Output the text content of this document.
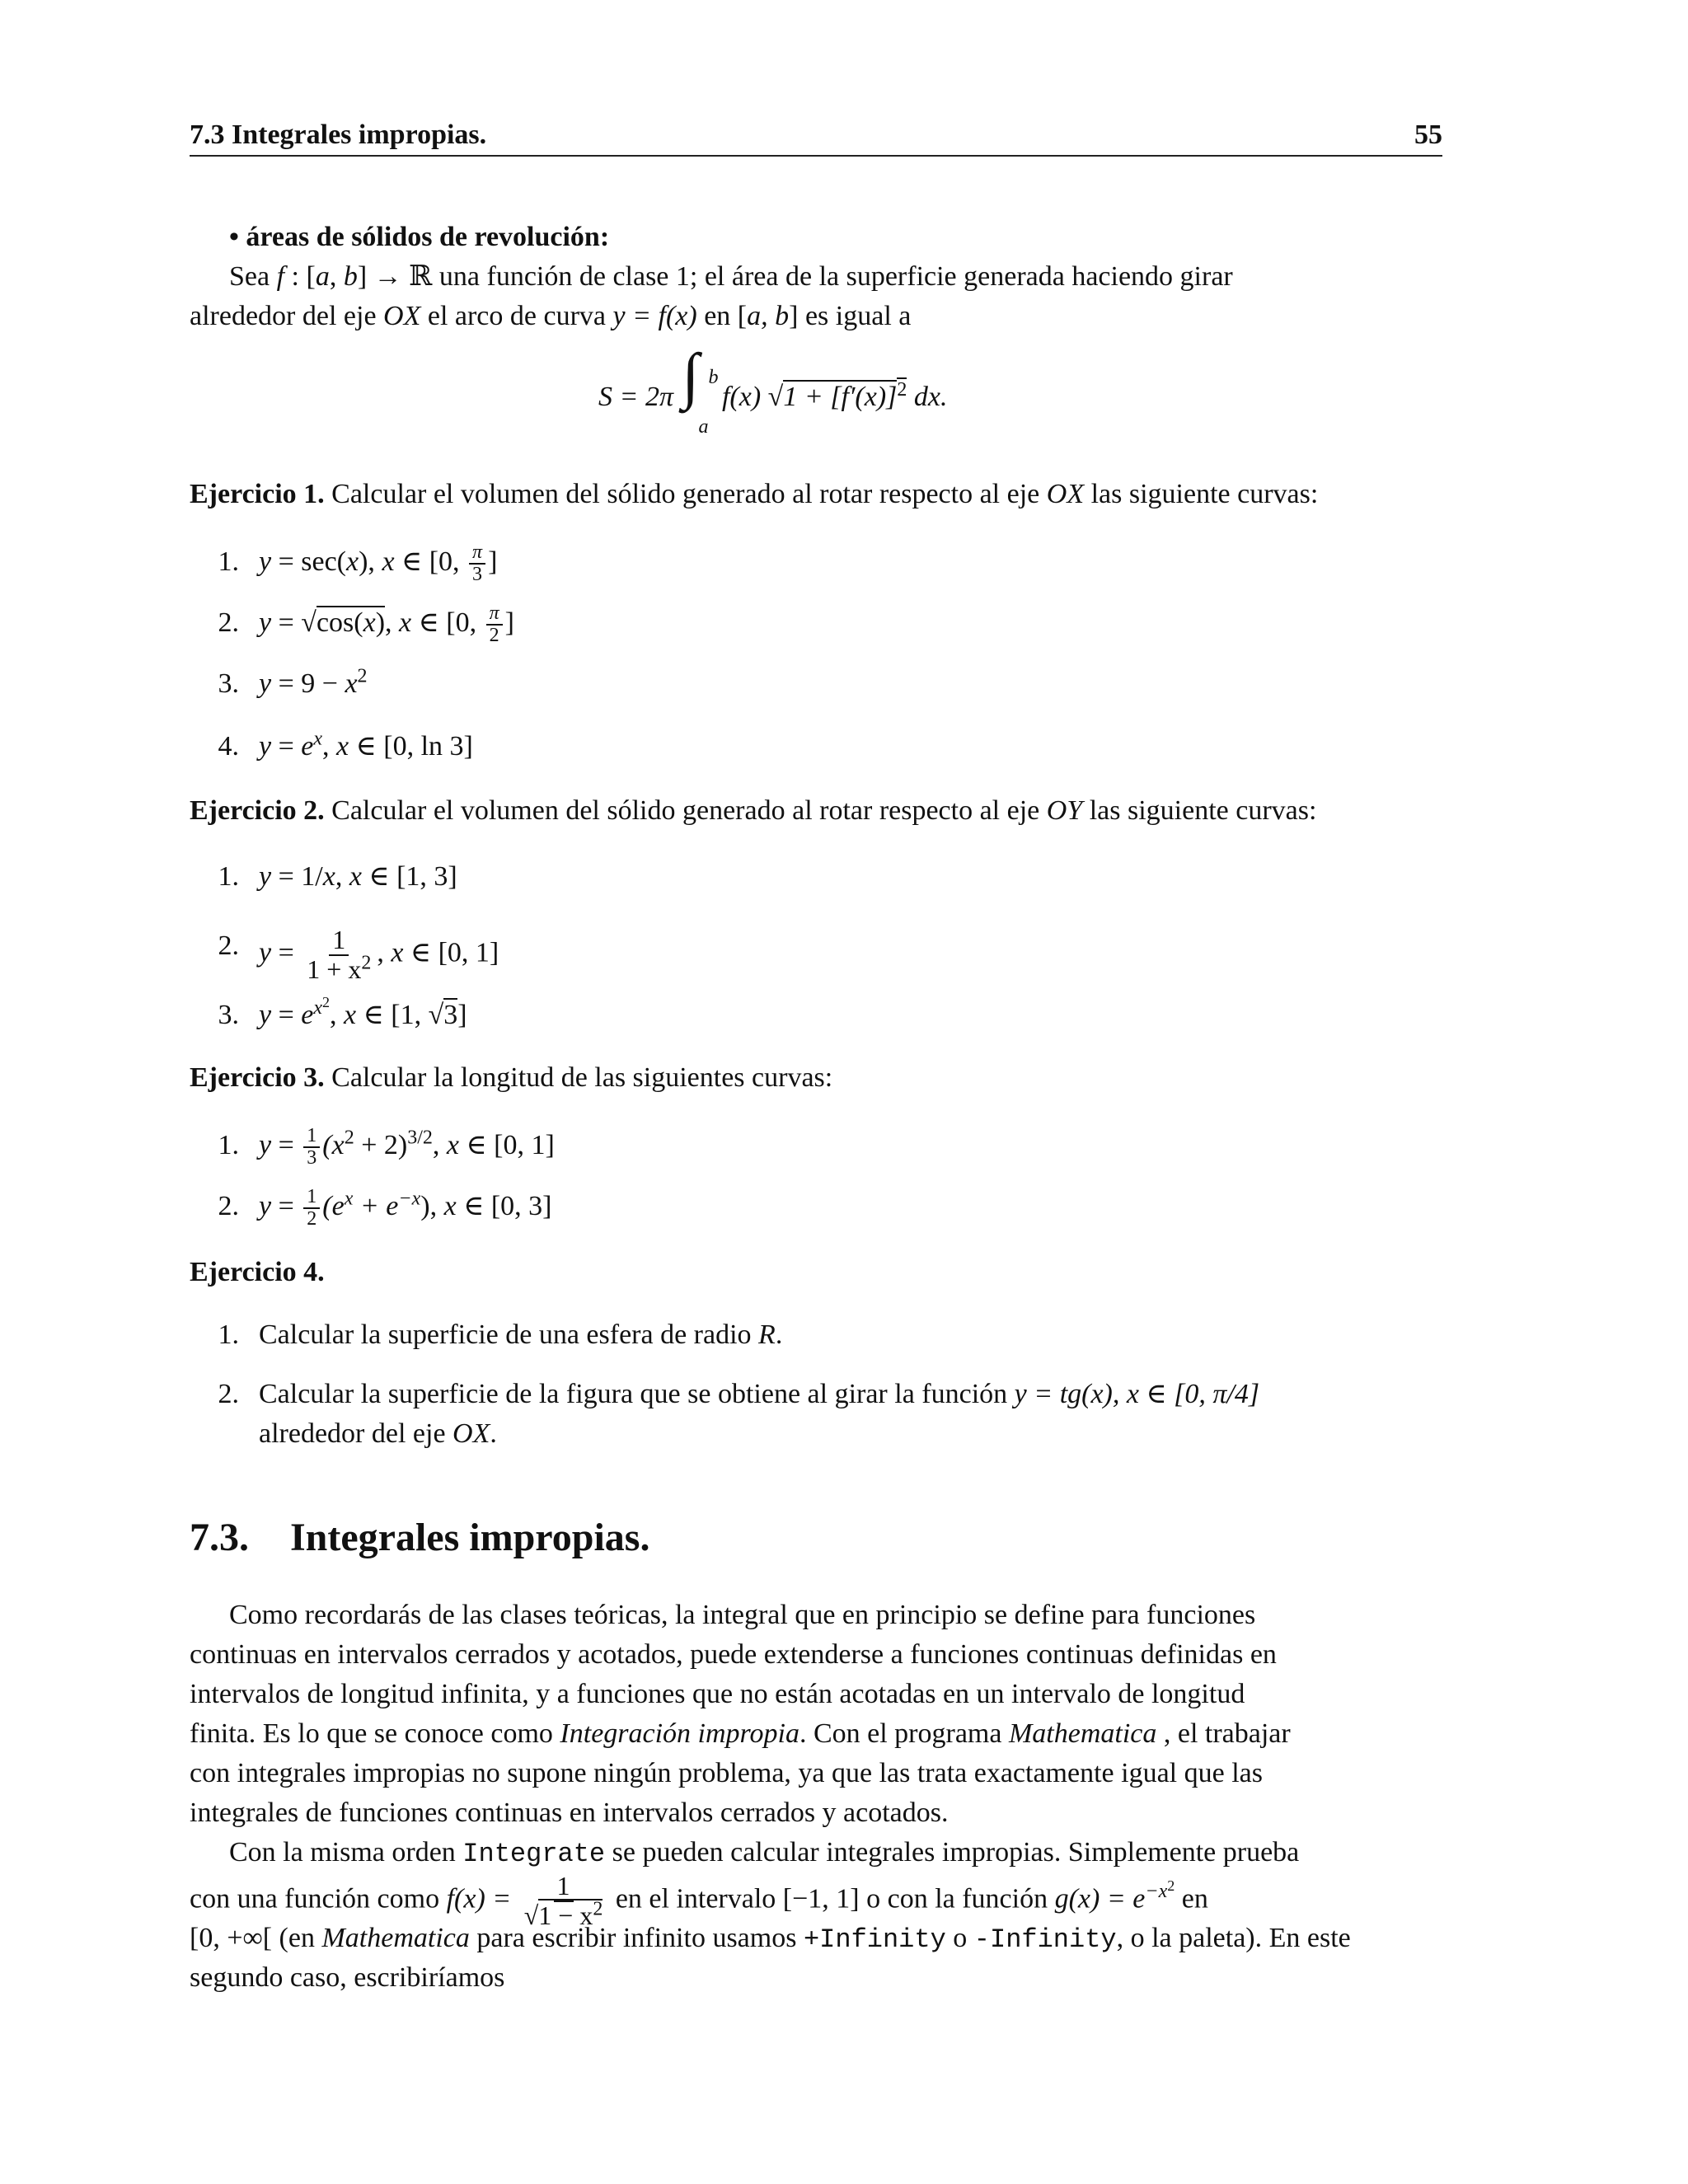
7.3 Integrales impropias.	55
• áreas de sólidos de revolución:
Sea f : [a, b] → ℝ una función de clase 1; el área de la superficie generada haciendo girar
alrededor del eje OX el arco de curva y = f(x) en [a, b] es igual a
S = 2π ∫ b
a
f(x) $√1 + [f'(x)]^2$ dx.
Ejercicio 1. Calcular el volumen del sólido generado al rotar respecto al eje OX las siguiente curvas:
1. y = sec(x), x ∈ [0, $\frac{\pi}{3}$ ]
2. y = √cos(x), x ∈ [0, $\frac{\pi}{2}$ ]
3. $y = 9 - x^2$
4. $y = e^x$, x ∈ [0, ln 3]
Ejercicio 2. Calcular el volumen del sólido generado al rotar respecto al eje OY las siguiente curvas:
1. y = 1/x, x ∈ [1, 3]
2. $y = \frac{1}{1 + x^2}$ , x ∈ [0, 1]
3. $y = e^{x^2}$, x ∈ [1, √3]
Ejercicio 3. Calcular la longitud de las siguientes curvas:
1. $y = \frac{1}{3} (x^2 + 2)^{3/2}$, x ∈ [0, 1]
2. $y = \frac{1}{2} (e^x + e^{-x})$, x ∈ [0, 3]
Ejercicio 4.
1. Calcular la superficie de una esfera de radio R.
2. Calcular la superficie de la figura que se obtiene al girar la función y = tg(x), x ∈ [0, π/4]
alrededor del eje OX.
7.3. Integrales impropias.
Como recordarás de las clases teóricas, la integral que en principio se define para funciones
continuas en intervalos cerrados y acotados, puede extenderse a funciones continuas definidas en
intervalos de longitud infinita, y a funciones que no están acotadas en un intervalo de longitud
finita. Es lo que se conoce como Integración impropia. Con el programa Mathematica , el trabajar
con integrales impropias no supone ningún problema, ya que las trata exactamente igual que las
integrales de funciones continuas en intervalos cerrados y acotados.
Con la misma orden Integrate se pueden calcular integrales impropias. Simplemente prueba
con una función como $f(x) = \frac{1}{√1 - x^2}$ en el intervalo [−1, 1] o con la función $g(x) = e^{-x^2}$ en
[0, +∞[ (en Mathematica para escribir infinito usamos +Infinity o -Infinity, o la paleta). En este
segundo caso, escribiríamos
